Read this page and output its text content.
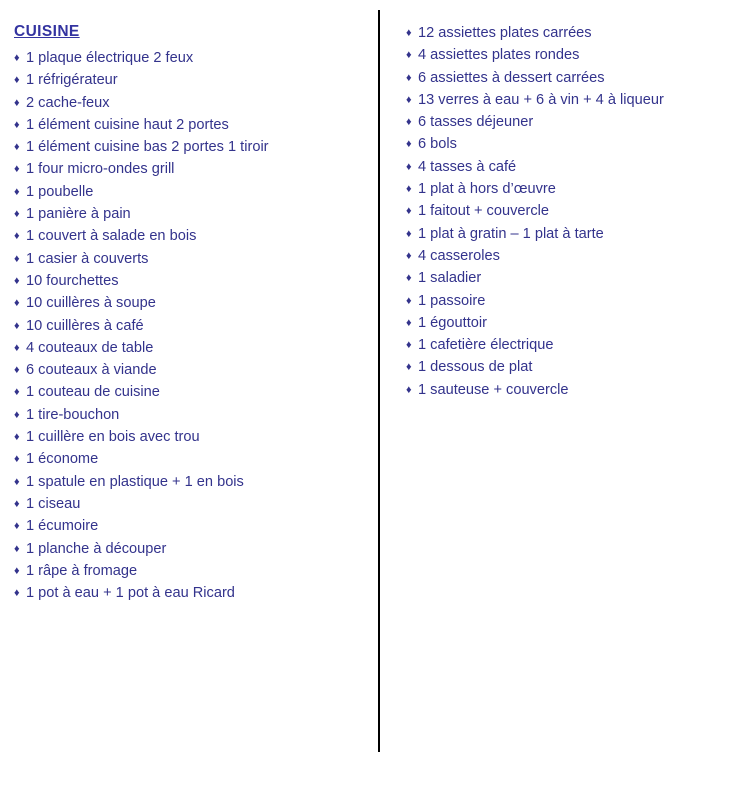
CUISINE
♦ 1 plaque électrique 2 feux
♦ 1 réfrigérateur
♦ 2 cache-feux
♦ 1 élément cuisine haut 2 portes
♦ 1 élément cuisine bas 2 portes 1 tiroir
♦ 1 four micro-ondes grill
♦ 1 poubelle
♦ 1 panière à pain
♦ 1 couvert à salade en bois
♦ 1 casier à couverts
♦ 10 fourchettes
♦ 10 cuillères à soupe
♦ 10 cuillères à café
♦ 4 couteaux de table
♦ 6 couteaux à viande
♦ 1 couteau de cuisine
♦ 1 tire-bouchon
♦ 1 cuillère en bois avec trou
♦ 1 économe
♦ 1 spatule en plastique + 1 en bois
♦ 1 ciseau
♦ 1 écumoire
♦ 1 planche à découper
♦ 1 râpe à fromage
♦ 1 pot à eau + 1 pot à eau Ricard
♦ 12 assiettes plates carrées
♦ 4 assiettes plates rondes
♦ 6 assiettes à dessert carrées
♦ 13 verres à eau + 6 à vin + 4 à liqueur
♦ 6 tasses déjeuner
♦ 6 bols
♦ 4 tasses à café
♦ 1 plat à hors d’œuvre
♦ 1 faitout + couvercle
♦ 1 plat à gratin – 1 plat à tarte
♦ 4 casseroles
♦ 1 saladier
♦ 1 passoire
♦ 1 égouttoir
♦ 1 cafetière électrique
♦ 1 dessous de plat
♦ 1 sauteuse + couvercle
